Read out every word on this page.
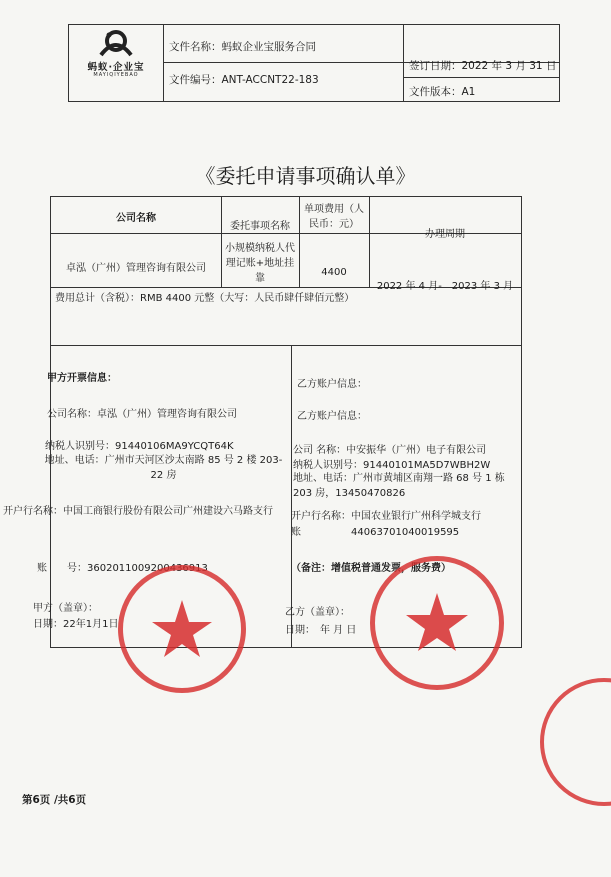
蚂蚁·企业宝
MAYIQIYEBAO
文件名称：蚂蚁企业宝服务合同
文件编号：ANT-ACCNT22-183
签订日期：2022 年 3 月 31 日
文件版本：A1
《委托申请事项确认单》
公司名称
委托事项名称
单项费用（人民币：元）
办理周期
卓泓（广州）管理咨询有限公司
小规模纳税人代理记账+地址挂靠
4400
2022 年 4 月-　2023 年 3 月
费用总计（含税）：RMB 4400 元整（大写：人民币肆仟肆佰元整）
甲方开票信息：
公司名称：卓泓（广州）管理咨询有限公司
纳税人识别号：91440106MA9YCQT64K
地址、电话：广州市天河区沙太南路 85 号 2 楼 203-22 房
开户行名称：中国工商银行股份有限公司广州建设六马路支行
账　　号：3602011009200436913
甲方（盖章）：
日期：22年1月1日
乙方账户信息：
乙方账户信息：
公司 名称：中安振华（广州）电子有限公司
纳税人识别号：91440101MA5D7WBH2W
地址、电话：广州市黄埔区南翔一路 68 号 1 栋 203 房，13450470826
开户行名称：中国农业银行广州科学城支行
账　　　　　44063701040019595
（备注：增值税普通发票，服务费）
乙方（盖章）：
日期：　年 月 日
第6页 /共6页
